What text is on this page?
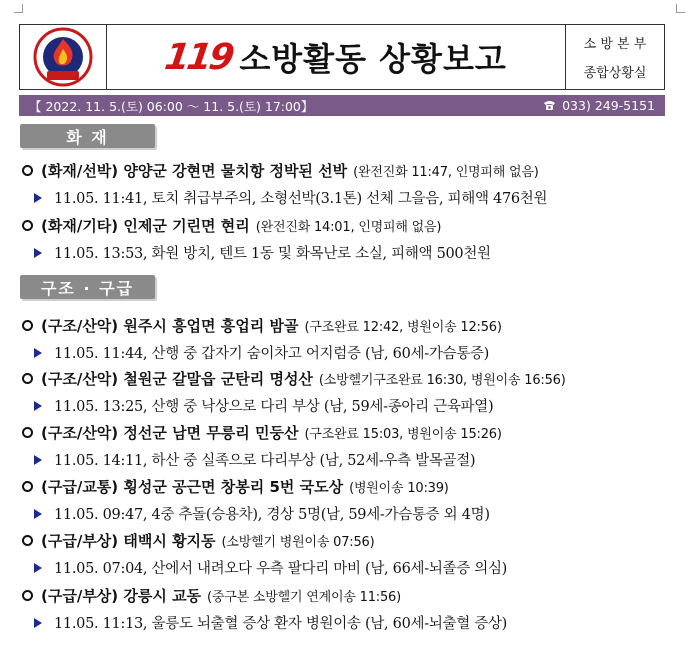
119 소방활동 상황보고	소 방 본 부
종합상황실
【 2022. 11. 5.(토) 06:00 ～ 11. 5.(토) 17:00】	033) 249-5151
화 재
구조 · 구급
(화재/선박) 양양군 강현면 물치항 정박된 선박 (완전진화 11:47, 인명피해 없음)
11.05. 11:41, 토치 취급부주의, 소형선박(3.1톤) 선체 그을음, 피해액 476천원
(화재/기타) 인제군 기린면 현리 (완전진화 14:01, 인명피해 없음)
11.05. 13:53, 화원 방치, 텐트 1동 및 화목난로 소실, 피해액 500천원
(구조/산악) 원주시 흥업면 흥업리 밤골 (구조완료 12:42, 병원이송 12:56)
11.05. 11:44, 산행 중 갑자기 숨이차고 어지럼증 (남, 60세-가슴통증)
(구조/산악) 철원군 갈말읍 군탄리 명성산 (소방헬기구조완료 16:30, 병원이송 16:56)
11.05. 13:25, 산행 중 낙상으로 다리 부상 (남, 59세-종아리 근육파열)
(구조/산악) 정선군 남면 무릉리 민둥산 (구조완료 15:03, 병원이송 15:26)
11.05. 14:11, 하산 중 실족으로 다리부상 (남, 52세-우측 발목골절)
(구급/교통) 횡성군 공근면 창봉리 5번 국도상 (병원이송 10:39)
11.05. 09:47, 4중 추돌(승용차), 경상 5명(남, 59세-가슴통증 외 4명)
(구급/부상) 태백시 황지동 (소방헬기 병원이송 07:56)
11.05. 07:04, 산에서 내려오다 우측 팔다리 마비 (남, 66세-뇌졸증 의심)
(구급/부상) 강릉시 교동 (중구본 소방헬기 연계이송 11:56)
11.05. 11:13, 울릉도 뇌출혈 증상 환자 병원이송 (남, 60세-뇌출혈 증상)
